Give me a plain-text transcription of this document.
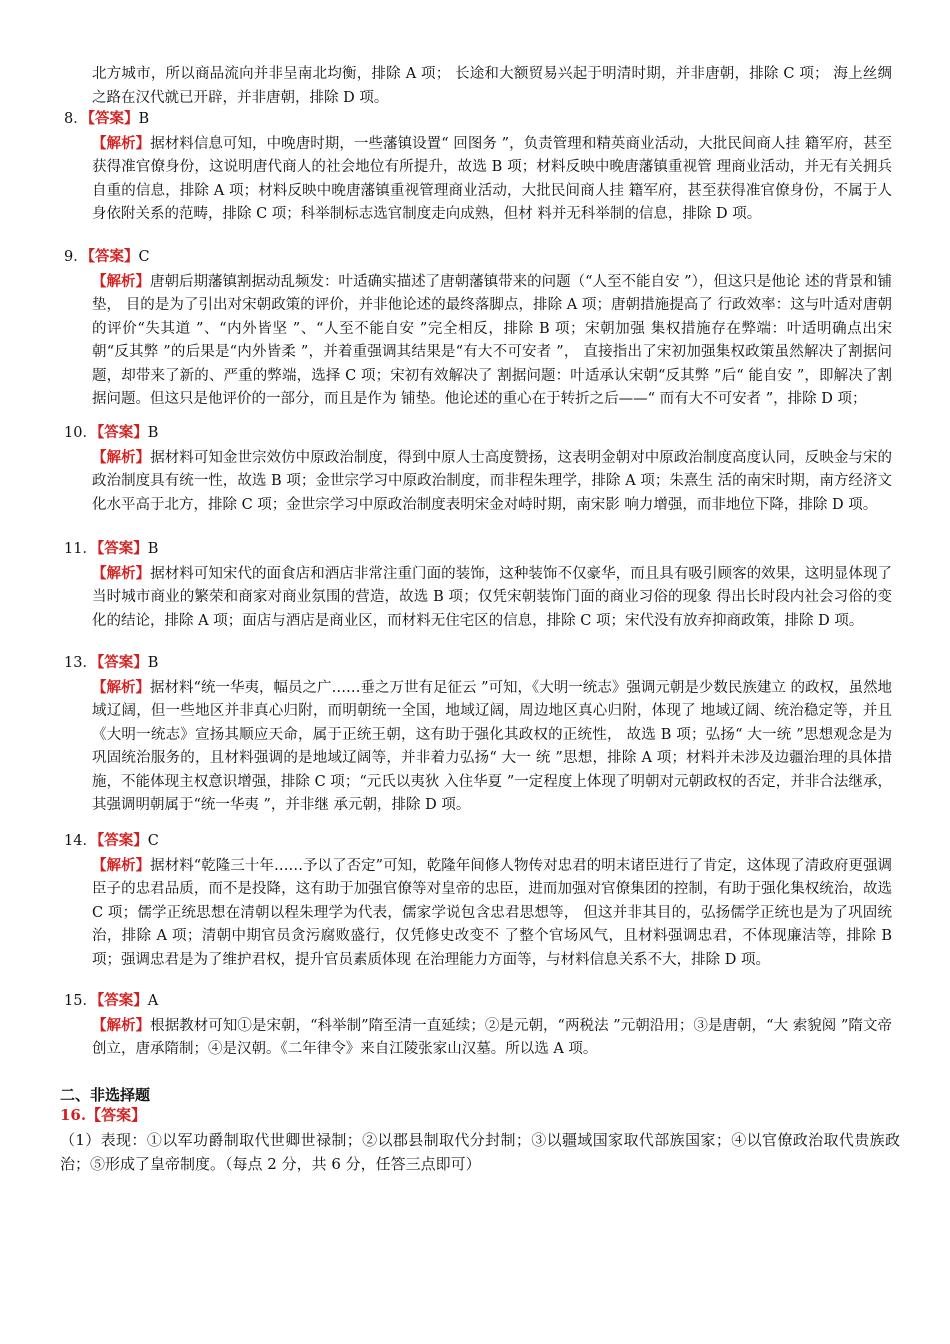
北方城市，所以商品流向并非呈南北均衡，排除 A 项； 长途和大额贸易兴起于明清时期，并非唐朝，排除 C 项； 海上丝绸之路在汉代就已开辟，并非唐朝，排除 D 项。
8．【答案】B
【解析】据材料信息可知，中晚唐时期，一些藩镇设置“ 回图务 ”，负责管理和精英商业活动，大批民间商人挂 籍军府，甚至获得准官僚身份，这说明唐代商人的社会地位有所提升，故选 B 项；材料反映中晚唐藩镇重视管 理商业活动，并无有关拥兵自重的信息，排除 A 项；材料反映中晚唐藩镇重视管理商业活动，大批民间商人挂 籍军府，甚至获得准官僚身份，不属于人身依附关系的范畴，排除 C 项；科举制标志选官制度走向成熟，但材 料并无科举制的信息，排除 D 项。
9．【答案】C
【解析】唐朝后期藩镇割据动乱频发：叶适确实描述了唐朝藩镇带来的问题（“人至不能自安 ”），但这只是他论 述的背景和铺垫， 目的是为了引出对宋朝政策的评价，并非他论述的最终落脚点，排除 A 项；唐朝措施提高了 行政效率：这与叶适对唐朝的评价“失其道 ”、“内外皆坚 ”、“人至不能自安 ”完全相反，排除 B 项；宋朝加强 集权措施存在弊端：叶适明确点出宋朝“反其弊 ”的后果是“内外皆柔 ”，并着重强调其结果是“有大不可安者 ”， 直接指出了宋初加强集权政策虽然解决了割据问题，却带来了新的、严重的弊端，选择 C 项；宋初有效解决了 割据问题：叶适承认宋朝“反其弊 ”后“ 能自安 ”，即解决了割据问题。但这只是他评价的一部分，而且是作为 铺垫。他论述的重心在于转折之后——“ 而有大不可安者 ”，排除 D 项；
10．【答案】B
【解析】据材料可知金世宗效仿中原政治制度，得到中原人士高度赞扬，这表明金朝对中原政治制度高度认同，反映金与宋的政治制度具有统一性，故选 B 项；金世宗学习中原政治制度，而非程朱理学，排除 A 项；朱熹生 活的南宋时期，南方经济文化水平高于北方，排除 C 项；金世宗学习中原政治制度表明宋金对峙时期，南宋影 响力增强，而非地位下降，排除 D 项。
11．【答案】B
【解析】据材料可知宋代的面食店和酒店非常注重门面的装饰，这种装饰不仅豪华，而且具有吸引顾客的效果，这明显体现了当时城市商业的繁荣和商家对商业氛围的营造，故选 B 项；仅凭宋朝装饰门面的商业习俗的现象 得出长时段内社会习俗的变化的结论，排除 A 项；面店与酒店是商业区，而材料无住宅区的信息，排除 C 项；宋代没有放弃抑商政策，排除 D 项。
13．【答案】B
【解析】据材料“统一华夷，幅员之广……垂之万世有足征云 ”可知，《大明一统志》强调元朝是少数民族建立 的政权，虽然地域辽阔，但一些地区并非真心归附，而明朝统一全国，地域辽阔，周边地区真心归附，体现了 地域辽阔、统治稳定等，并且《大明一统志》宣扬其顺应天命，属于正统王朝，这有助于强化其政权的正统性， 故选 B 项；弘扬“ 大一统 ”思想观念是为巩固统治服务的，且材料强调的是地域辽阔等，并非着力弘扬“ 大一 统 ”思想，排除 A 项；材料并未涉及边疆治理的具体措施，不能体现主权意识增强，排除 C 项；“元氏以夷狄 入住华夏 ”一定程度上体现了明朝对元朝政权的否定，并非合法继承，其强调明朝属于“统一华夷 ”，并非继 承元朝，排除 D 项。
14．【答案】C
【解析】据材料“乾隆三十年……予以了否定”可知，乾隆年间修人物传对忠君的明末诸臣进行了肯定，这体现了清政府更强调臣子的忠君品质，而不是投降，这有助于加强官僚等对皇帝的忠臣，进而加强对官僚集团的控制，有助于强化集权统治，故选 C 项；儒学正统思想在清朝以程朱理学为代表，儒家学说包含忠君思想等， 但这并非其目的，弘扬儒学正统也是为了巩固统治，排除 A 项；清朝中期官员贪污腐败盛行，仅凭修史改变不 了整个官场风气，且材料强调忠君，不体现廉洁等，排除 B 项；强调忠君是为了维护君权，提升官员素质体现 在治理能力方面等，与材料信息关系不大，排除 D 项。
15．【答案】A
【解析】根据教材可知①是宋朝，“科举制”隋至清一直延续；②是元朝，“两税法 ”元朝沿用；③是唐朝，“大 索貌阅 ”隋文帝创立，唐承隋制；④是汉朝。《二年律令》来自江陵张家山汉墓。所以选 A 项。
二、非选择题
16.【答案】
（1）表现：①以军功爵制取代世卿世禄制；②以郡县制取代分封制；③以疆域国家取代部族国家；④以官僚政治取代贵族政治；⑤形成了皇帝制度。（每点 2 分，共 6 分，任答三点即可）
